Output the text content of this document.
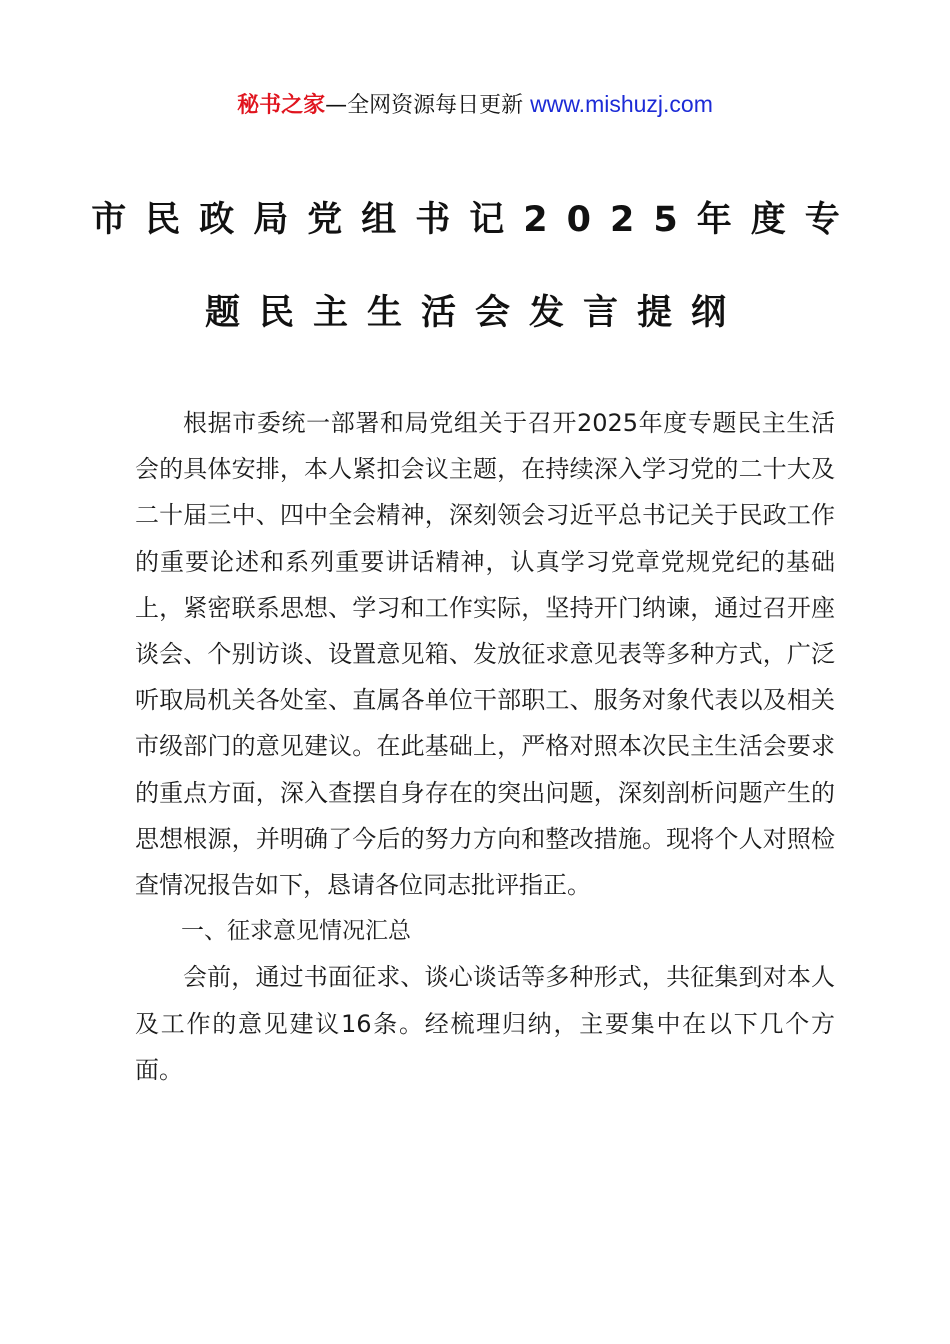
秘书之家—全网资源每日更新 www.mishuzj.com
市民政局党组书记2025年度专
题民主生活会发言提纲

根据市委统一部署和局党组关于召开2025年度专题民主生活会的具体安排，本人紧扣会议主题，在持续深入学习党的二十大及二十届三中、四中全会精神，深刻领会习近平总书记关于民政工作的重要论述和系列重要讲话精神，认真学习党章党规党纪的基础上，紧密联系思想、学习和工作实际，坚持开门纳谏，通过召开座谈会、个别访谈、设置意见箱、发放征求意见表等多种方式，广泛听取局机关各处室、直属各单位干部职工、服务对象代表以及相关市级部门的意见建议。在此基础上，严格对照本次民主生活会要求的重点方面，深入查摆自身存在的突出问题，深刻剖析问题产生的思想根源，并明确了今后的努力方向和整改措施。现将个人对照检查情况报告如下，恳请各位同志批评指正。

一、征求意见情况汇总

会前，通过书面征求、谈心谈话等多种形式，共征集到对本人及工作的意见建议16条。经梳理归纳，主要集中在以下几个方面。
